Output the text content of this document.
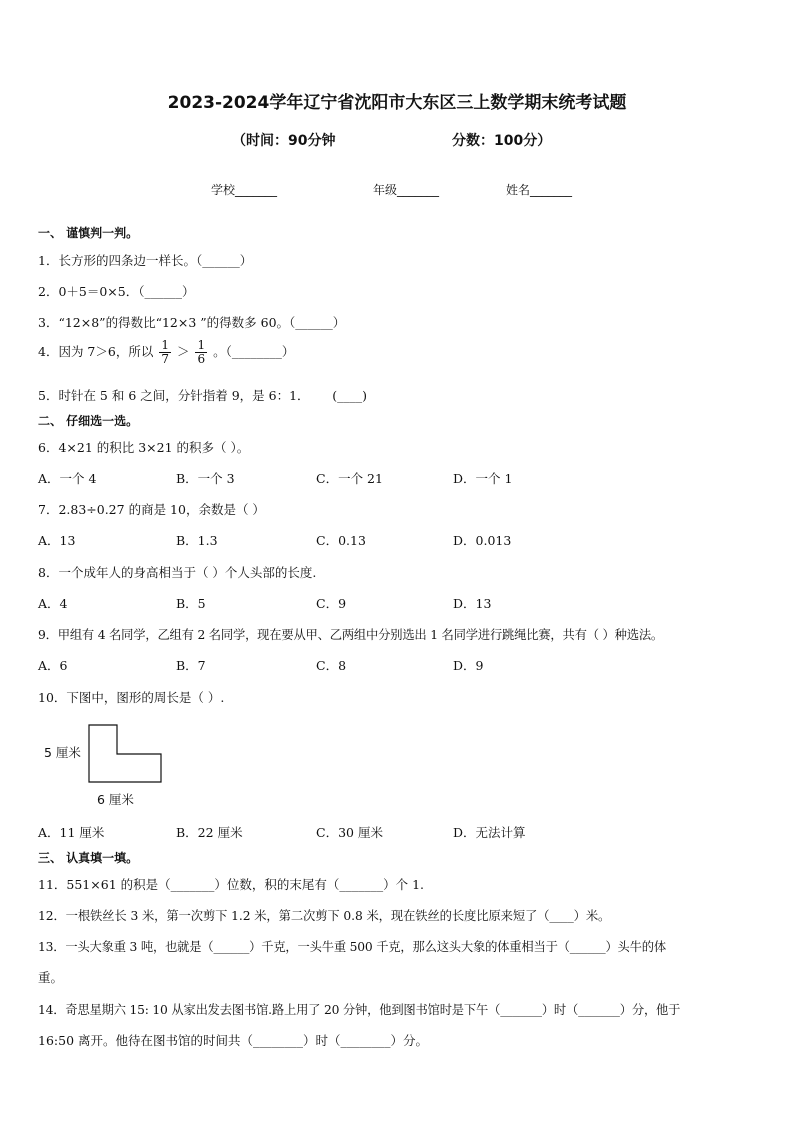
2023-2024学年辽宁省沈阳市大东区三上数学期末统考试题
（时间：90分钟	分数：100分）
学校_______	年级_______	姓名_______
一、 谨慎判一判。
1．长方形的四条边一样长。（______）
2．0＋5＝0×5．（______）
3．“12×8”的得数比“12×3 ”的得数多 60。（______）
4．因为 7＞6，所以 $\frac{1}{7} > \frac{1}{6}$ 。（________）
5．时针在 5 和 6 之间，分针指着 9，是 6：1．　　 (____)
二、 仔细选一选。
6．4×21 的积比 3×21 的积多（ ）。
A．一个 4	B．一个 3	C．一个 21	D．一个 1
7．2.83÷0.27 的商是 10，余数是（ ）
A．13	B．1.3	C．0.13	D．0.013
8．一个成年人的身高相当于（ ）个人头部的长度.
A．4	B．5	C．9	D．13
9．甲组有 4 名同学，乙组有 2 名同学，现在要从甲、乙两组中分别选出 1 名同学进行跳绳比赛，共有（ ）种选法。
A．6	B．7	C．8	D．9
10．下图中，图形的周长是（ ）.
5 厘米
6 厘米
A．11 厘米	B．22 厘米	C．30 厘米	D．无法计算
三、 认真填一填。
11．551×61 的积是（_______）位数，积的末尾有（_______）个 1.
12．一根铁丝长 3 米，第一次剪下 1.2 米，第二次剪下 0.8 米，现在铁丝的长度比原来短了（____）米。
13．一头大象重 3 吨，也就是（______）千克，一头牛重 500 千克，那么这头大象的体重相当于（______）头牛的体
重。
14．奇思星期六 15: 10 从家出发去图书馆.路上用了 20 分钟，他到图书馆时是下午（_______）时（_______）分，他于
16:50 离开。他待在图书馆的时间共（________）时（________）分。
